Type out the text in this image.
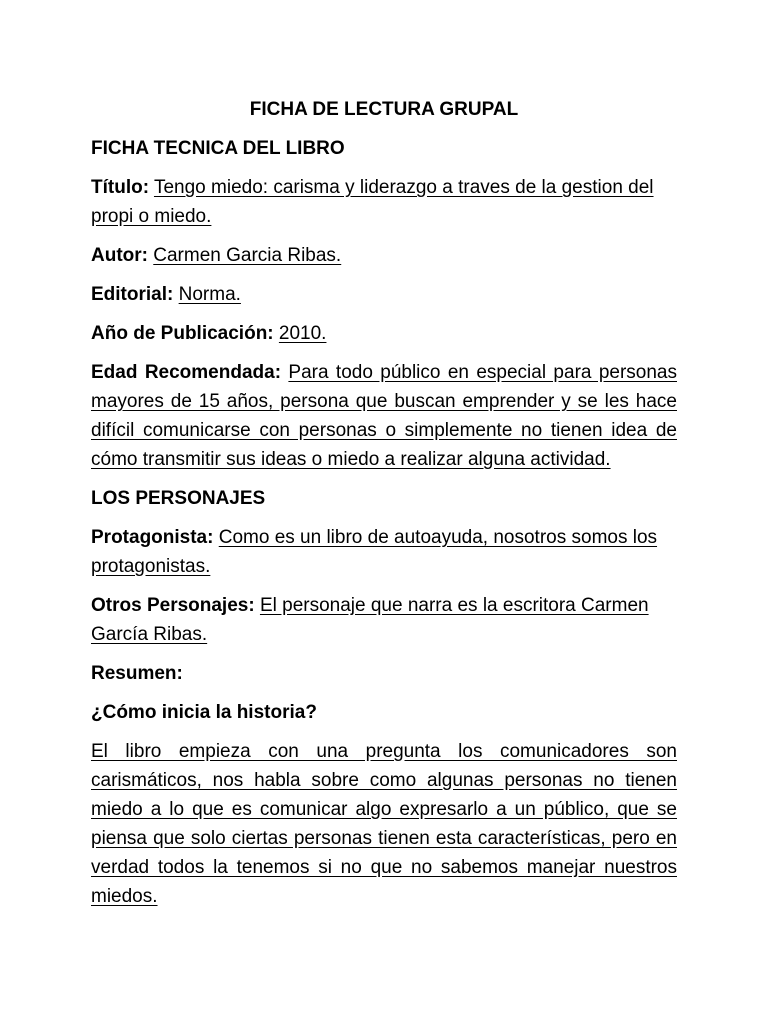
FICHA DE LECTURA GRUPAL
FICHA TECNICA DEL LIBRO
Título: Tengo miedo: carisma y liderazgo a traves de la gestion del propi o miedo.
Autor: Carmen Garcia Ribas.
Editorial: Norma.
Año de Publicación: 2010.
Edad Recomendada: Para todo público en especial para personas mayores de 15 años, persona que buscan emprender y se les hace difícil comunicarse con personas o simplemente no tienen idea de cómo transmitir sus ideas o miedo a realizar alguna actividad.
LOS PERSONAJES
Protagonista: Como es un libro de autoayuda, nosotros somos los protagonistas.
Otros Personajes: El personaje que narra es la escritora Carmen García Ribas.
Resumen:
¿Cómo inicia la historia?

El libro empieza con una pregunta los comunicadores son carismáticos, nos habla sobre como algunas personas no tienen miedo a lo que es comunicar algo expresarlo a un público, que se piensa que solo ciertas personas tienen esta características, pero en verdad todos la tenemos si no que no sabemos manejar nuestros miedos.
